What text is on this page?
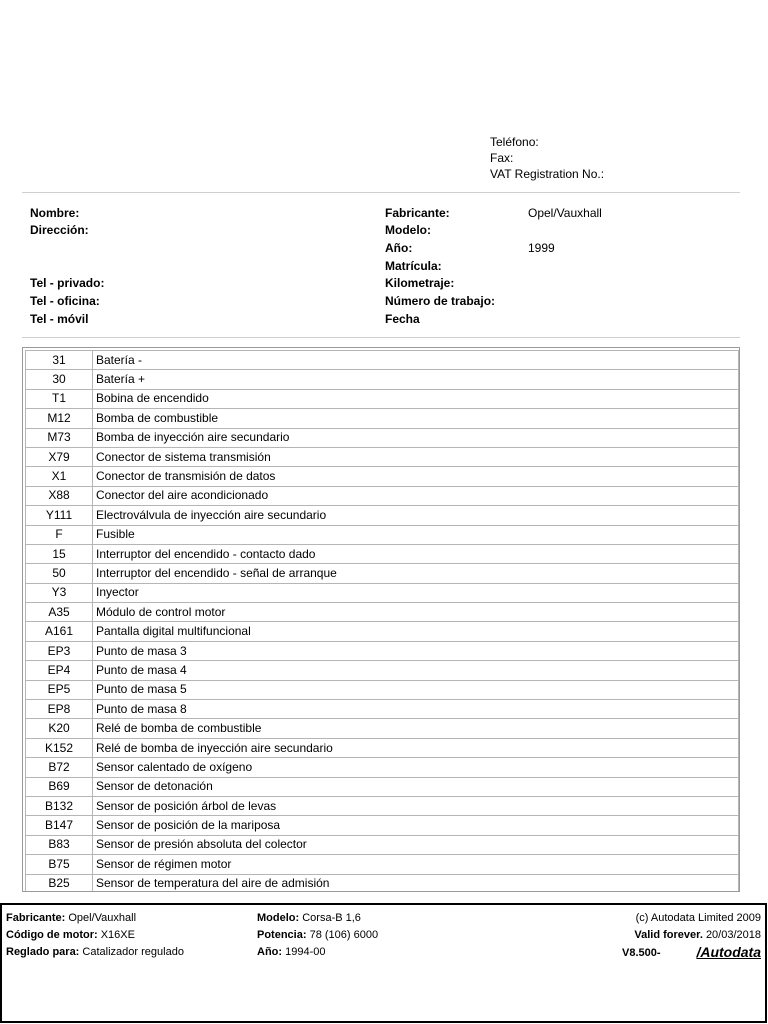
Teléfono:
Fax:
VAT Registration No.:
Nombre:
Dirección:
Tel - privado:
Tel - oficina:
Tel - móvil
Fabricante:	Opel/Vauxhall
Modelo:
Año:	1999
Matrícula:
Kilometraje:
Número de trabajo:
Fecha
31	Batería -
30	Batería +
T1	Bobina de encendido
M12	Bomba de combustible
M73	Bomba de inyección aire secundario
X79	Conector de sistema transmisión
X1	Conector de transmisión de datos
X88	Conector del aire acondicionado
Y111	Electroválvula de inyección aire secundario
F	Fusible
15	Interruptor del encendido - contacto dado
50	Interruptor del encendido - señal de arranque
Y3	Inyector
A35	Módulo de control motor
A161	Pantalla digital multifuncional
EP3	Punto de masa 3
EP4	Punto de masa 4
EP5	Punto de masa 5
EP8	Punto de masa 8
K20	Relé de bomba de combustible
K152	Relé de bomba de inyección aire secundario
B72	Sensor calentado de oxígeno
B69	Sensor de detonación
B132	Sensor de posición árbol de levas
B147	Sensor de posición de la mariposa
B83	Sensor de presión absoluta del colector
B75	Sensor de régimen motor
B25	Sensor de temperatura del aire de admisión
Fabricante: Opel/Vauxhall
Código de motor: X16XE
Reglado para: Catalizador regulado
Modelo: Corsa-B 1,6
Potencia: 78 (106) 6000
Año: 1994-00
(c) Autodata Limited 2009
Valid forever. 20/03/2018
V8.500-	/Autodata
